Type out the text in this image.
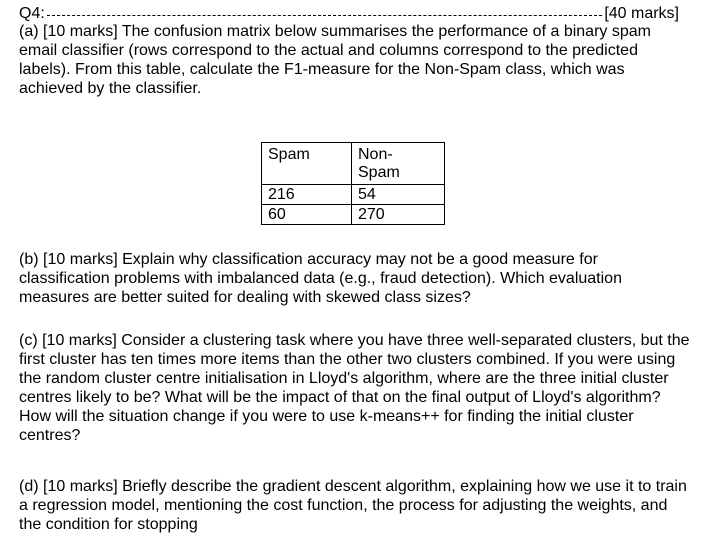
Q4:	[40 marks]

(a) [10 marks] The confusion matrix below summarises the performance of a binary spam email classifier (rows correspond to the actual and columns correspond to the predicted labels). From this table, calculate the F1-measure for the Non-Spam class, which was achieved by the classifier.

Spam	Non-
Spam
216	54
60	270

(b) [10 marks] Explain why classification accuracy may not be a good measure for classification problems with imbalanced data (e.g., fraud detection). Which evaluation measures are better suited for dealing with skewed class sizes?

(c) [10 marks] Consider a clustering task where you have three well-separated clusters, but the first cluster has ten times more items than the other two clusters combined. If you were using the random cluster centre initialisation in Lloyd's algorithm, where are the three initial cluster centres likely to be? What will be the impact of that on the final output of Lloyd's algorithm? How will the situation change if you were to use k-means++ for finding the initial cluster centres?

(d) [10 marks] Briefly describe the gradient descent algorithm, explaining how we use it to train a regression model, mentioning the cost function, the process for adjusting the weights, and the condition for stopping
